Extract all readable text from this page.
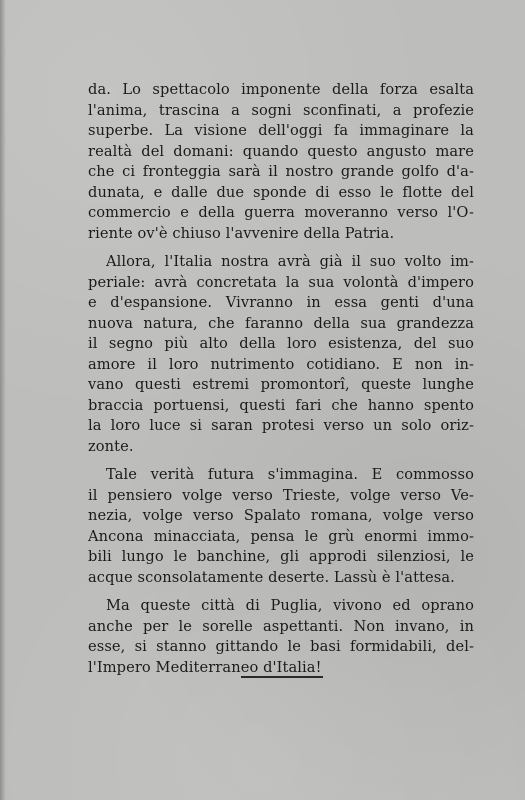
da. Lo spettacolo imponente della forza esalta
l'anima, trascina a sogni sconfinati, a profezie
superbe. La visione dell'oggi fa immaginare la
realtà del domani: quando questo angusto mare
che ci fronteggia sarà il nostro grande golfo d'a-
dunata, e dalle due sponde di esso le flotte del
commercio e della guerra moveranno verso l'O-
riente ov'è chiuso l'avvenire della Patria.
Allora, l'Italia nostra avrà già il suo volto im-
periale: avrà concretata la sua volontà d'impero
e d'espansione. Vivranno in essa genti d'una
nuova natura, che faranno della sua grandezza
il segno più alto della loro esistenza, del suo
amore il loro nutrimento cotidiano. E non in-
vano questi estremi promontorî, queste lunghe
braccia portuensi, questi fari che hanno spento
la loro luce si saran protesi verso un solo oriz-
zonte.
Tale verità futura s'immagina. E commosso
il pensiero volge verso Trieste, volge verso Ve-
nezia, volge verso Spalato romana, volge verso
Ancona minacciata, pensa le grù enormi immo-
bili lungo le banchine, gli approdi silenziosi, le
acque sconsolatamente deserte. Lassù è l'attesa.
Ma queste città di Puglia, vivono ed oprano
anche per le sorelle aspettanti. Non invano, in
esse, si stanno gittando le basi formidabili, del-
l'Impero Mediterraneo d'Italia!
